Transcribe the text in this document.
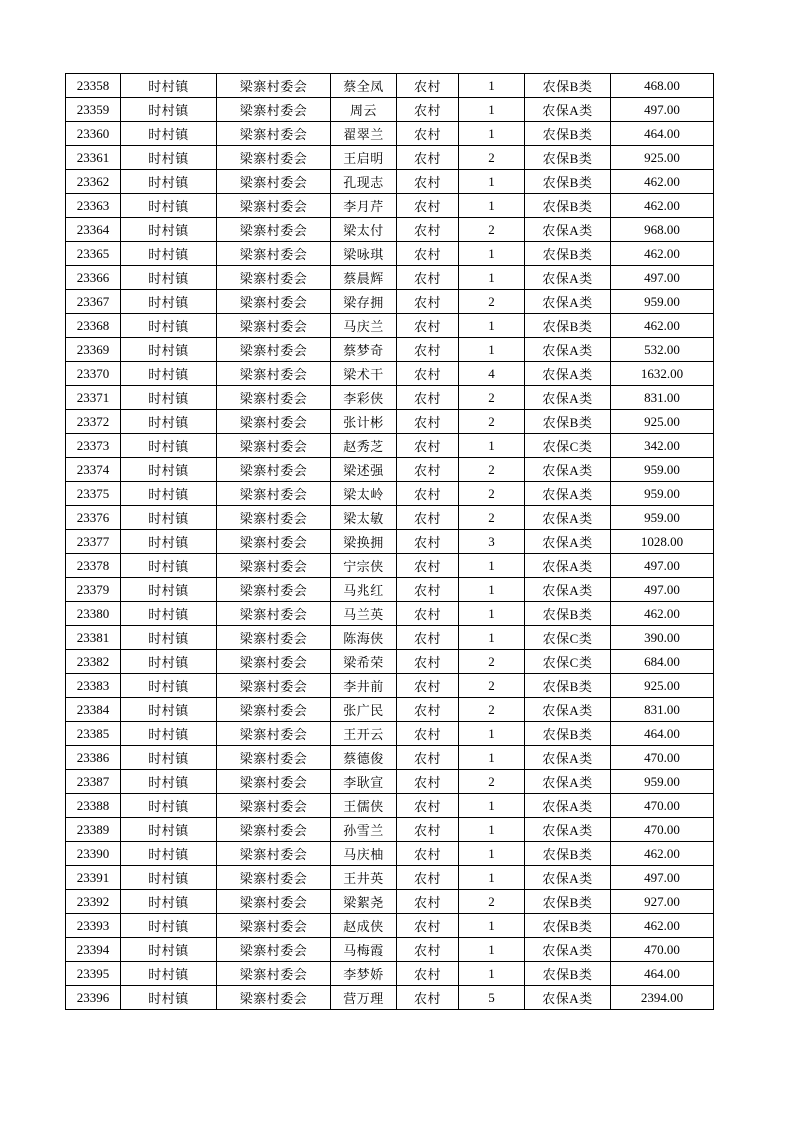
23358	时村镇	梁寨村委会	蔡全凤	农村	1	农保B类	468.00
23359	时村镇	梁寨村委会	周云	农村	1	农保A类	497.00
23360	时村镇	梁寨村委会	翟翠兰	农村	1	农保B类	464.00
23361	时村镇	梁寨村委会	王启明	农村	2	农保B类	925.00
23362	时村镇	梁寨村委会	孔现志	农村	1	农保B类	462.00
23363	时村镇	梁寨村委会	李月芹	农村	1	农保B类	462.00
23364	时村镇	梁寨村委会	梁太付	农村	2	农保A类	968.00
23365	时村镇	梁寨村委会	梁咏琪	农村	1	农保B类	462.00
23366	时村镇	梁寨村委会	蔡晨辉	农村	1	农保A类	497.00
23367	时村镇	梁寨村委会	梁存拥	农村	2	农保A类	959.00
23368	时村镇	梁寨村委会	马庆兰	农村	1	农保B类	462.00
23369	时村镇	梁寨村委会	蔡梦奇	农村	1	农保A类	532.00
23370	时村镇	梁寨村委会	梁术干	农村	4	农保A类	1632.00
23371	时村镇	梁寨村委会	李彩侠	农村	2	农保A类	831.00
23372	时村镇	梁寨村委会	张计彬	农村	2	农保B类	925.00
23373	时村镇	梁寨村委会	赵秀芝	农村	1	农保C类	342.00
23374	时村镇	梁寨村委会	梁述强	农村	2	农保A类	959.00
23375	时村镇	梁寨村委会	梁太岭	农村	2	农保A类	959.00
23376	时村镇	梁寨村委会	梁太敏	农村	2	农保A类	959.00
23377	时村镇	梁寨村委会	梁换拥	农村	3	农保A类	1028.00
23378	时村镇	梁寨村委会	宁宗侠	农村	1	农保A类	497.00
23379	时村镇	梁寨村委会	马兆红	农村	1	农保A类	497.00
23380	时村镇	梁寨村委会	马兰英	农村	1	农保B类	462.00
23381	时村镇	梁寨村委会	陈海侠	农村	1	农保C类	390.00
23382	时村镇	梁寨村委会	梁希荣	农村	2	农保C类	684.00
23383	时村镇	梁寨村委会	李井前	农村	2	农保B类	925.00
23384	时村镇	梁寨村委会	张广民	农村	2	农保A类	831.00
23385	时村镇	梁寨村委会	王开云	农村	1	农保B类	464.00
23386	时村镇	梁寨村委会	蔡德俊	农村	1	农保A类	470.00
23387	时村镇	梁寨村委会	李耿宣	农村	2	农保A类	959.00
23388	时村镇	梁寨村委会	王儒侠	农村	1	农保A类	470.00
23389	时村镇	梁寨村委会	孙雪兰	农村	1	农保A类	470.00
23390	时村镇	梁寨村委会	马庆柚	农村	1	农保B类	462.00
23391	时村镇	梁寨村委会	王井英	农村	1	农保A类	497.00
23392	时村镇	梁寨村委会	梁絮尧	农村	2	农保B类	927.00
23393	时村镇	梁寨村委会	赵成侠	农村	1	农保B类	462.00
23394	时村镇	梁寨村委会	马梅霞	农村	1	农保A类	470.00
23395	时村镇	梁寨村委会	李梦娇	农村	1	农保B类	464.00
23396	时村镇	梁寨村委会	营万理	农村	5	农保A类	2394.00
